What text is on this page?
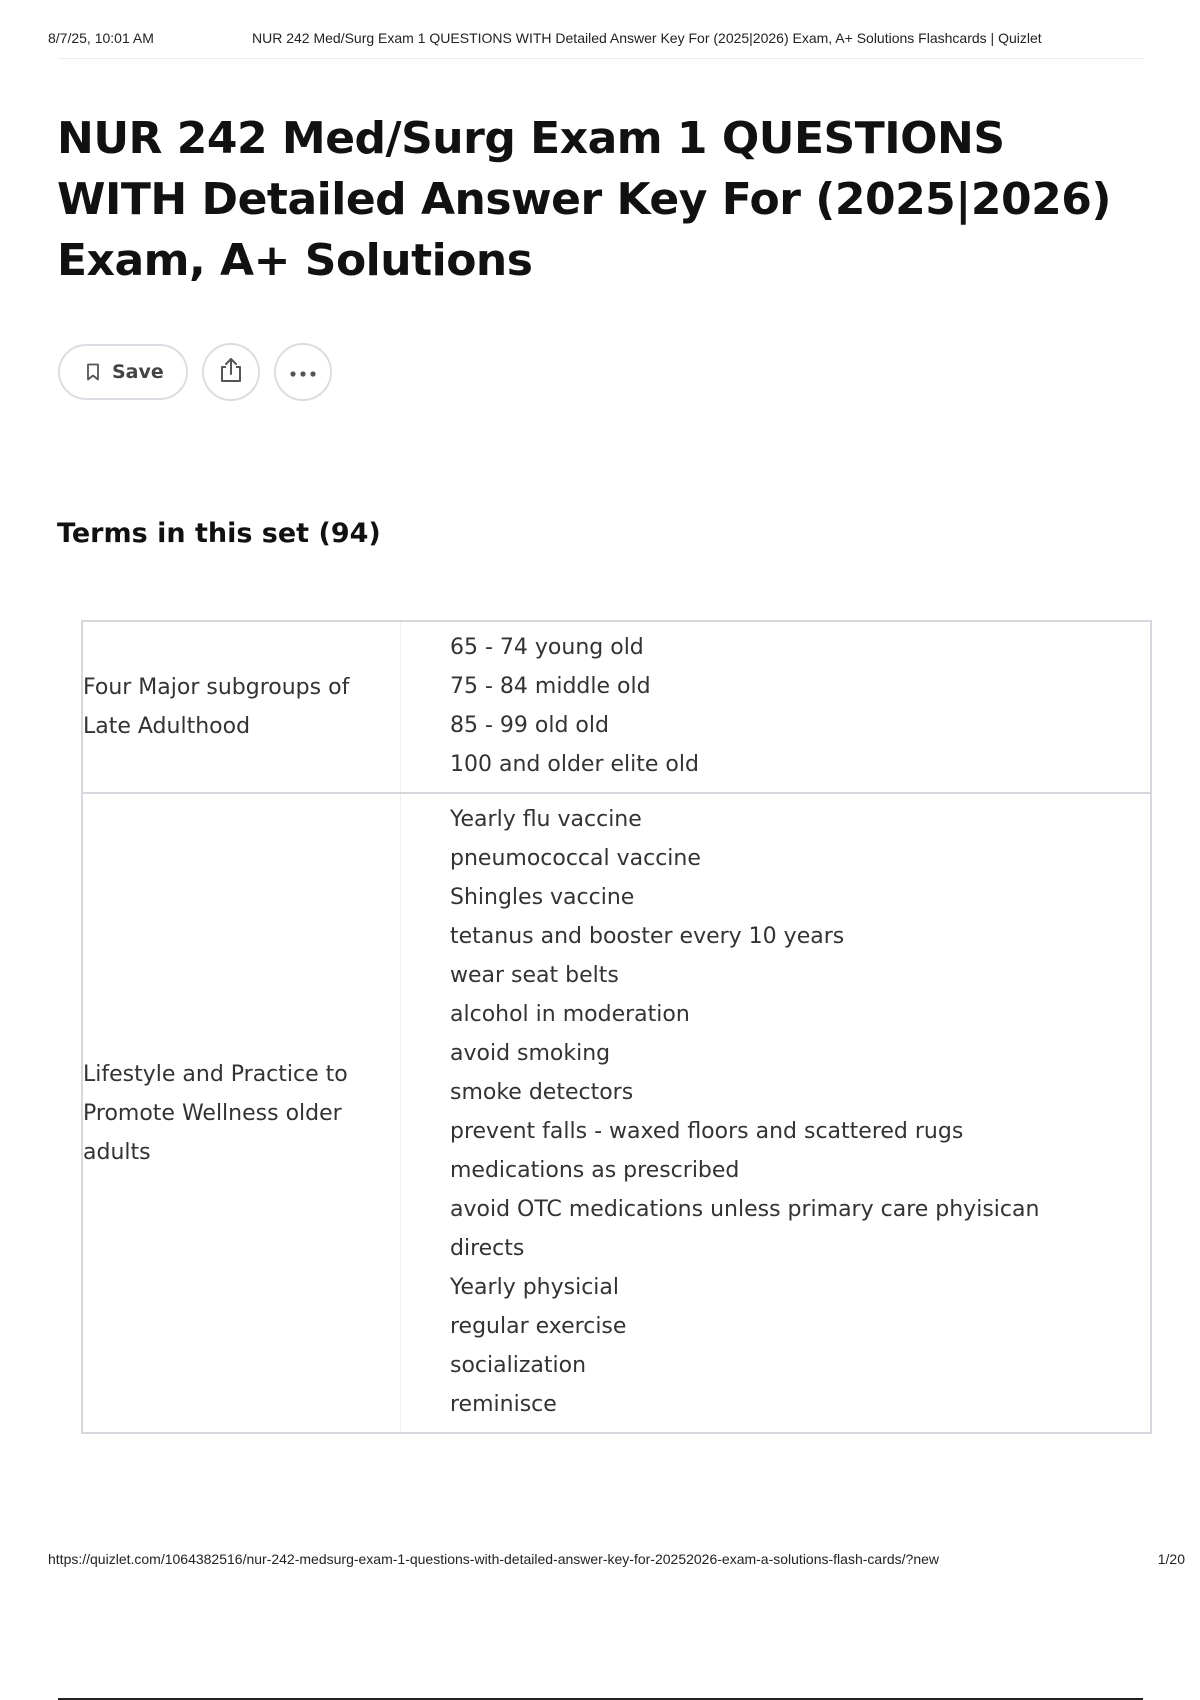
8/7/25, 10:01 AM	NUR 242 Med/Surg Exam 1 QUESTIONS WITH Detailed Answer Key For (2025|2026) Exam, A+ Solutions Flashcards | Quizlet
NUR 242 Med/Surg Exam 1 QUESTIONS WITH Detailed Answer Key For (2025|2026) Exam, A+ Solutions
Save
Terms in this set (94)
Four Major subgroups of
Late Adulthood
65 - 74 young old
75 - 84 middle old
85 - 99 old old
100 and older elite old
Lifestyle and Practice to
Promote Wellness older
adults
Yearly flu vaccine
pneumococcal vaccine
Shingles vaccine
tetanus and booster every 10 years
wear seat belts
alcohol in moderation
avoid smoking
smoke detectors
prevent falls - waxed floors and scattered rugs
medications as prescribed
avoid OTC medications unless primary care phyisican
directs
Yearly physicial
regular exercise
socialization
reminisce
https://quizlet.com/1064382516/nur-242-medsurg-exam-1-questions-with-detailed-answer-key-for-20252026-exam-a-solutions-flash-cards/?new	1/20
